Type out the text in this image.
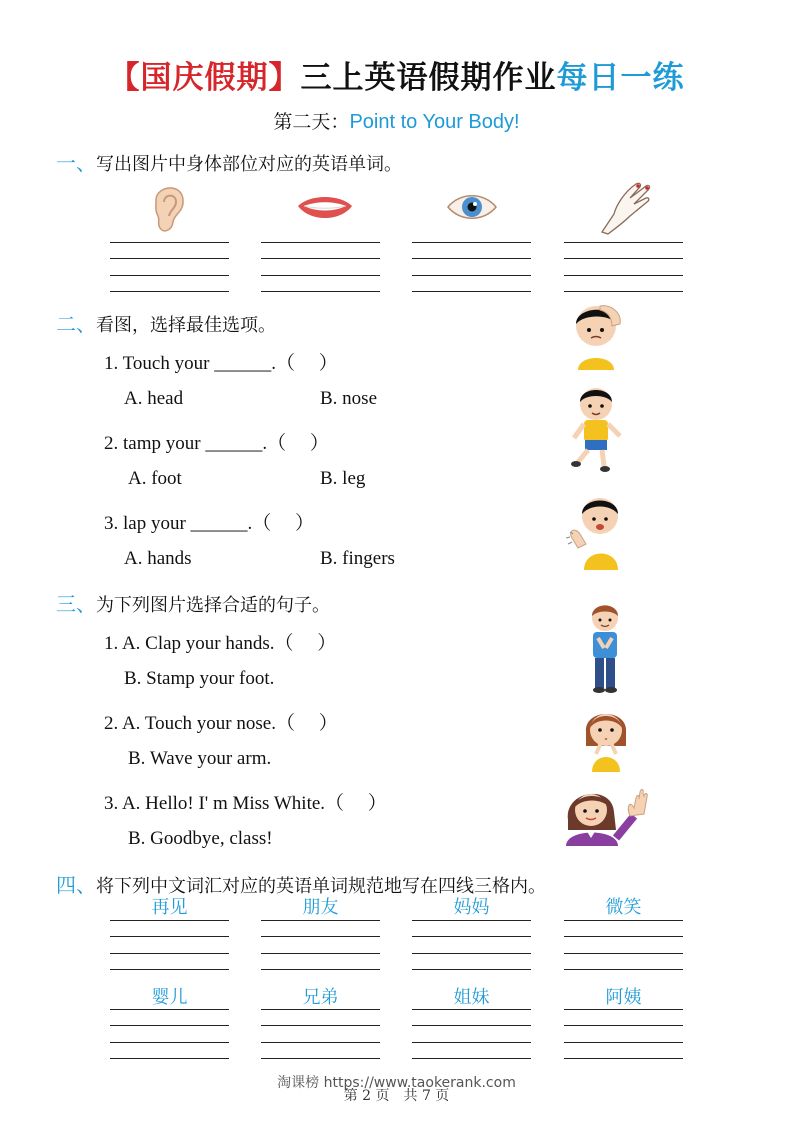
【国庆假期】三上英语假期作业每日一练
第二天：Point to Your Body!
一、写出图片中身体部位对应的英语单词。
二、看图，选择最佳选项。
1. Touch your ______.（　 ）
A. head	B. nose
2. tamp your ______.（　 ）
A. foot	B. leg
3. lap your ______.（　 ）
A. hands	B. fingers
三、为下列图片选择合适的句子。
1. A. Clap your hands.（　 ）
B. Stamp your foot.
2. A. Touch your nose.（　 ）
B. Wave your arm.
3. A. Hello! I' m Miss White.（　 ）
B. Goodbye, class!
四、将下列中文词汇对应的英语单词规范地写在四线三格内。
再见	朋友	妈妈	微笑
婴儿	兄弟	姐妹	阿姨
淘课榜 https://www.taokerank.com
第 2 页　共 7 页
